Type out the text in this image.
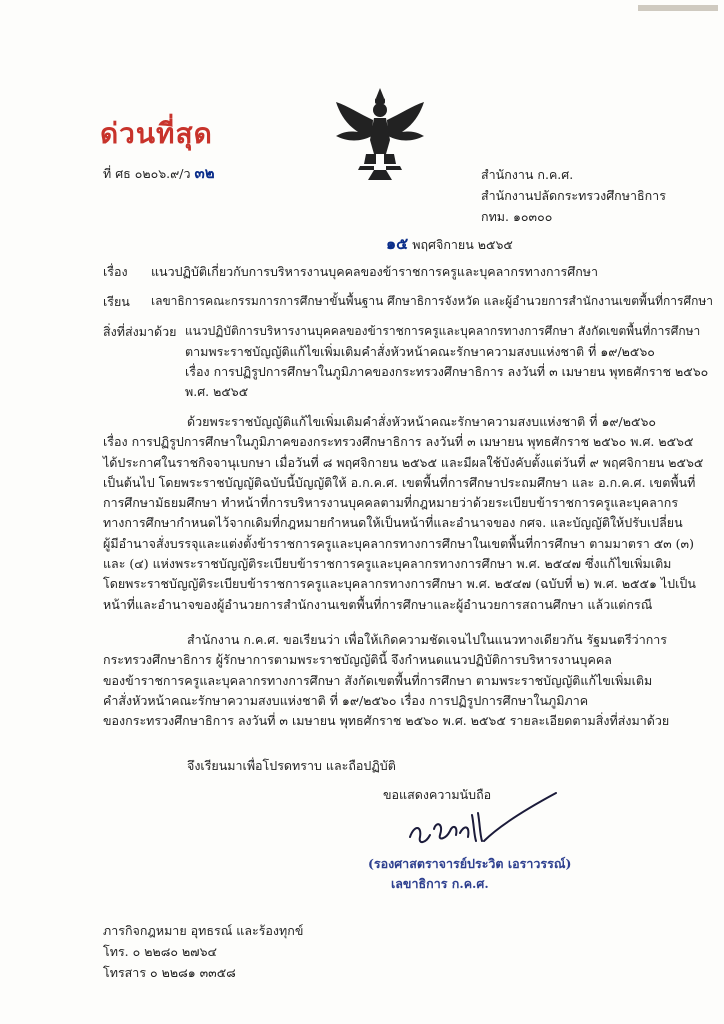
ด่วนที่สุด
ที่ ศธ ๐๒๐๖.๙/ว ๓๒	สำนักงาน ก.ค.ศ.
สำนักงานปลัดกระทรวงศึกษาธิการ
กทม. ๑๐๓๐๐
๑๕ พฤศจิกายน ๒๕๖๕
เรื่อง แนวปฏิบัติเกี่ยวกับการบริหารงานบุคคลของข้าราชการครูและบุคลากรทางการศึกษา
เรียน เลขาธิการคณะกรรมการการศึกษาขั้นพื้นฐาน ศึกษาธิการจังหวัด และผู้อำนวยการสำนักงานเขตพื้นที่การศึกษา
สิ่งที่ส่งมาด้วย แนวปฏิบัติการบริหารงานบุคคลของข้าราชการครูและบุคลากรทางการศึกษา สังกัดเขตพื้นที่การศึกษา
ตามพระราชบัญญัติแก้ไขเพิ่มเติมคำสั่งหัวหน้าคณะรักษาความสงบแห่งชาติ ที่ ๑๙/๒๕๖๐
เรื่อง การปฏิรูปการศึกษาในภูมิภาคของกระทรวงศึกษาธิการ ลงวันที่ ๓ เมษายน พุทธศักราช ๒๕๖๐
พ.ศ. ๒๕๖๕
ด้วยพระราชบัญญัติแก้ไขเพิ่มเติมคำสั่งหัวหน้าคณะรักษาความสงบแห่งชาติ ที่ ๑๙/๒๕๖๐
เรื่อง การปฏิรูปการศึกษาในภูมิภาคของกระทรวงศึกษาธิการ ลงวันที่ ๓ เมษายน พุทธศักราช ๒๕๖๐ พ.ศ. ๒๕๖๕
ได้ประกาศในราชกิจจานุเบกษา เมื่อวันที่ ๘ พฤศจิกายน ๒๕๖๕ และมีผลใช้บังคับตั้งแต่วันที่ ๙ พฤศจิกายน ๒๕๖๕
เป็นต้นไป โดยพระราชบัญญัติฉบับนี้บัญญัติให้ อ.ก.ค.ศ. เขตพื้นที่การศึกษาประถมศึกษา และ อ.ก.ค.ศ. เขตพื้นที่
การศึกษามัธยมศึกษา ทำหน้าที่การบริหารงานบุคคลตามที่กฎหมายว่าด้วยระเบียบข้าราชการครูและบุคลากร
ทางการศึกษากำหนดไว้จากเดิมที่กฎหมายกำหนดให้เป็นหน้าที่และอำนาจของ กศจ. และบัญญัติให้ปรับเปลี่ยน
ผู้มีอำนาจสั่งบรรจุและแต่งตั้งข้าราชการครูและบุคลากรทางการศึกษาในเขตพื้นที่การศึกษา ตามมาตรา ๕๓ (๓)
และ (๔) แห่งพระราชบัญญัติระเบียบข้าราชการครูและบุคลากรทางการศึกษา พ.ศ. ๒๕๔๗ ซึ่งแก้ไขเพิ่มเติม
โดยพระราชบัญญัติระเบียบข้าราชการครูและบุคลากรทางการศึกษา พ.ศ. ๒๕๔๗ (ฉบับที่ ๒) พ.ศ. ๒๕๕๑ ไปเป็น
หน้าที่และอำนาจของผู้อำนวยการสำนักงานเขตพื้นที่การศึกษาและผู้อำนวยการสถานศึกษา แล้วแต่กรณี
สำนักงาน ก.ค.ศ. ขอเรียนว่า เพื่อให้เกิดความชัดเจนไปในแนวทางเดียวกัน รัฐมนตรีว่าการ
กระทรวงศึกษาธิการ ผู้รักษาการตามพระราชบัญญัตินี้ จึงกำหนดแนวปฏิบัติการบริหารงานบุคคล
ของข้าราชการครูและบุคลากรทางการศึกษา สังกัดเขตพื้นที่การศึกษา ตามพระราชบัญญัติแก้ไขเพิ่มเติม
คำสั่งหัวหน้าคณะรักษาความสงบแห่งชาติ ที่ ๑๙/๒๕๖๐ เรื่อง การปฏิรูปการศึกษาในภูมิภาค
ของกระทรวงศึกษาธิการ ลงวันที่ ๓ เมษายน พุทธศักราช ๒๕๖๐ พ.ศ. ๒๕๖๕ รายละเอียดตามสิ่งที่ส่งมาด้วย
จึงเรียนมาเพื่อโปรดทราบ และถือปฏิบัติ
ขอแสดงความนับถือ
(รองศาสตราจารย์ประวิต เอราวรรณ์)
เลขาธิการ ก.ค.ศ.
ภารกิจกฎหมาย อุทธรณ์ และร้องทุกข์
โทร. ๐ ๒๒๘๐ ๒๗๖๔
โทรสาร ๐ ๒๒๘๑ ๓๓๕๘
